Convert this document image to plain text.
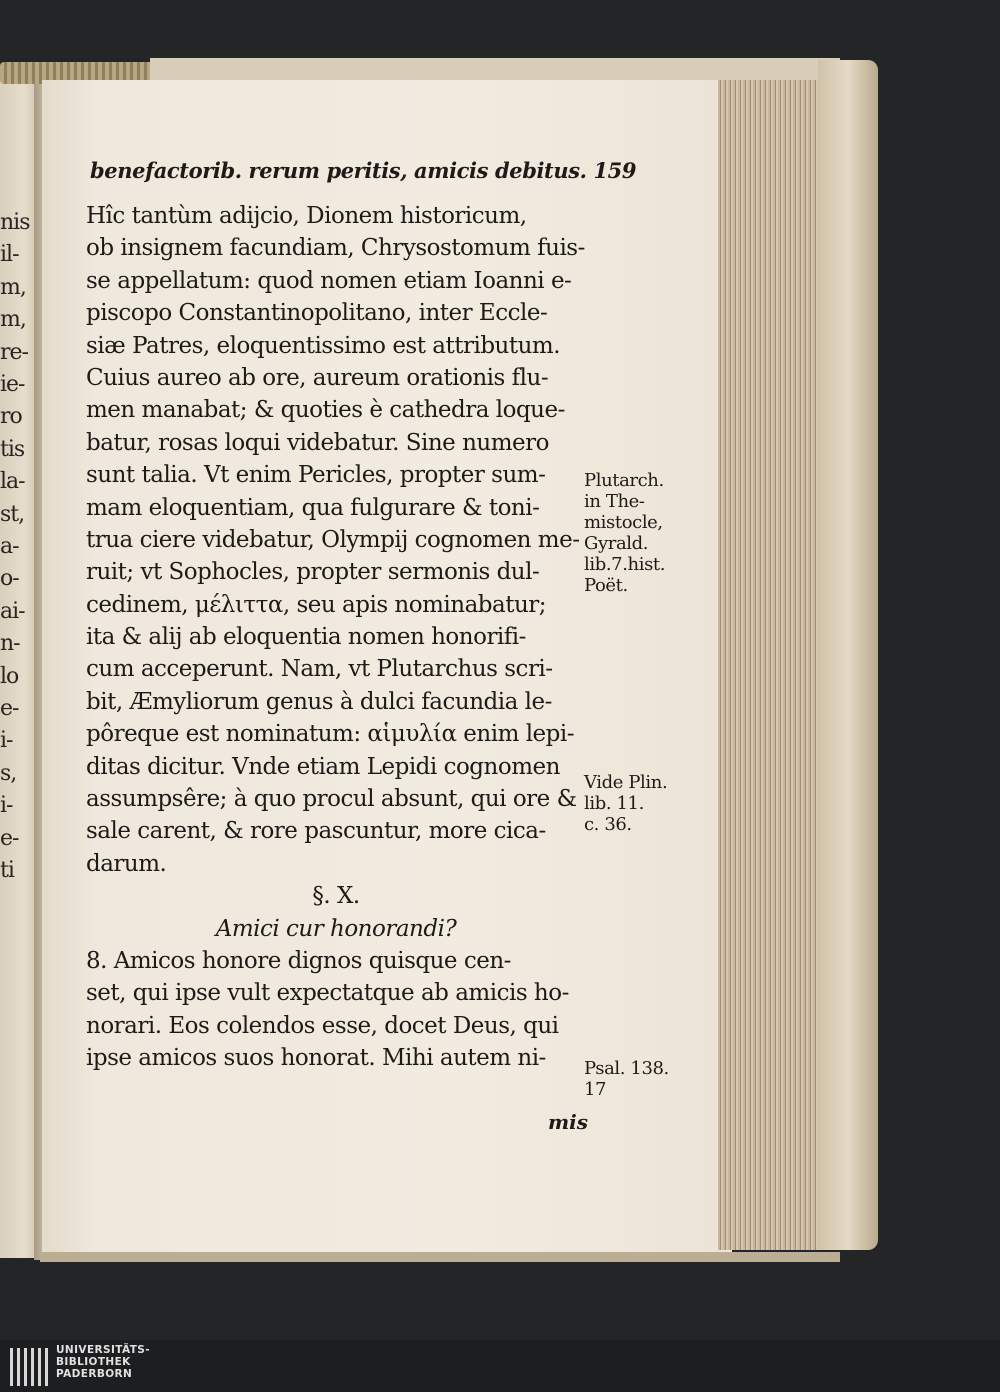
nis
il-
m,
m,
re-
ie-
ro
tis
la-
st,
a-
o-
ai-
n-
lo
e-
i-
s,
i-
e-
ti
benefactorib. rerum peritis, amicis debitus. 159
Hîc tantùm adijcio, Dionem historicum,
ob insignem facundiam, Chrysostomum fuis-
se appellatum: quod nomen etiam Ioanni e-
piscopo Constantinopolitano, inter Eccle-
siæ Patres, eloquentissimo est attributum.
Cuius aureo ab ore, aureum orationis flu-
men manabat; & quoties è cathedra loque-
batur, rosas loqui videbatur. Sine numero
sunt talia. Vt enim Pericles, propter sum-
mam eloquentiam, qua fulgurare & toni-
trua ciere videbatur, Olympij cognomen me-
ruit; vt Sophocles, propter sermonis dul-
cedinem, μέλιττα, seu apis nominabatur;
ita & alij ab eloquentia nomen honorifi-
cum acceperunt. Nam, vt Plutarchus scri-
bit, Æmyliorum genus à dulci facundia le-
pôreque est nominatum: αἱμυλία enim lepi-
ditas dicitur. Vnde etiam Lepidi cognomen
assumpsêre; à quo procul absunt, qui ore &
sale carent, & rore pascuntur, more cica-
darum.
§. X.
Amici cur honorandi?
8. Amicos honore dignos quisque cen-
set, qui ipse vult expectatque ab amicis ho-
norari. Eos colendos esse, docet Deus, qui
ipse amicos suos honorat. Mihi autem ni-
Plutarch.
in The-
mistocle,
Gyrald.
lib.7.hist.
Poët.
Vide Plin.
lib. 11.
c. 36.
Psal. 138.
17
mis
UNIVERSITÄTS-
BIBLIOTHEK
PADERBORN
